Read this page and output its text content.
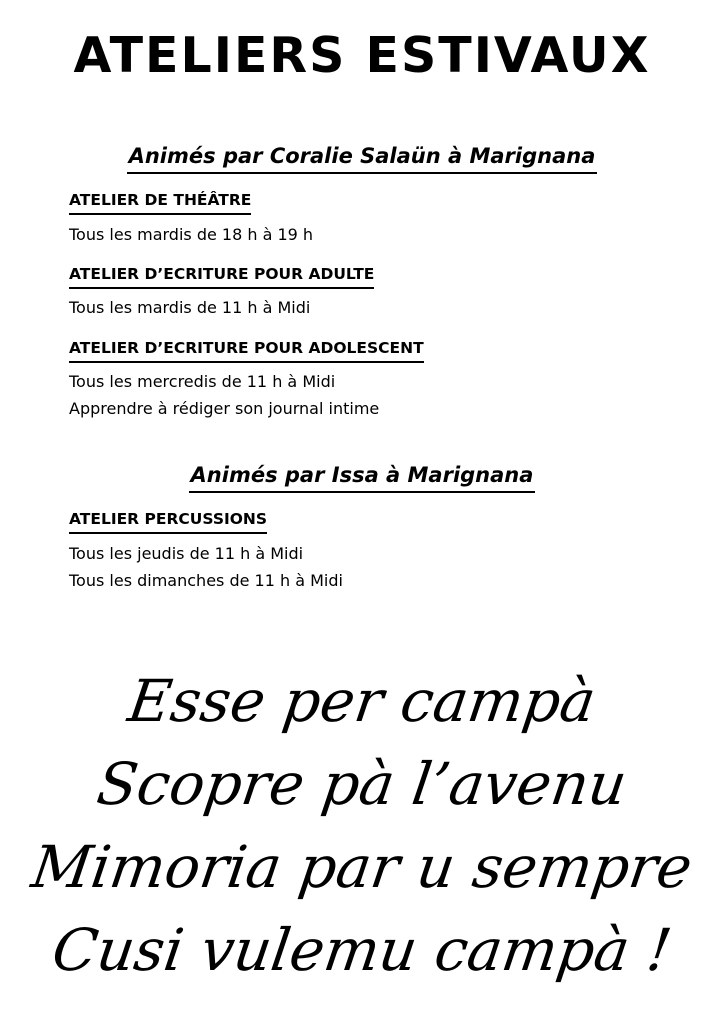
ATELIERS ESTIVAUX
Animés par Coralie Salaün à Marignana
ATELIER DE THÉÂTRE

Tous les mardis de 18 h à 19 h

ATELIER D’ECRITURE POUR ADULTE

Tous les mardis de 11 h à Midi

ATELIER D’ECRITURE POUR ADOLESCENT

Tous les mercredis de 11 h à Midi

Apprendre à rédiger son journal intime

Animés par Issa à Marignana
ATELIER PERCUSSIONS

Tous les jeudis de 11 h à Midi

Tous les dimanches de 11 h à Midi

Esse per campà

Scopre pà l’avenu

Mimoria par u sempre

Cusi vulemu campà !
